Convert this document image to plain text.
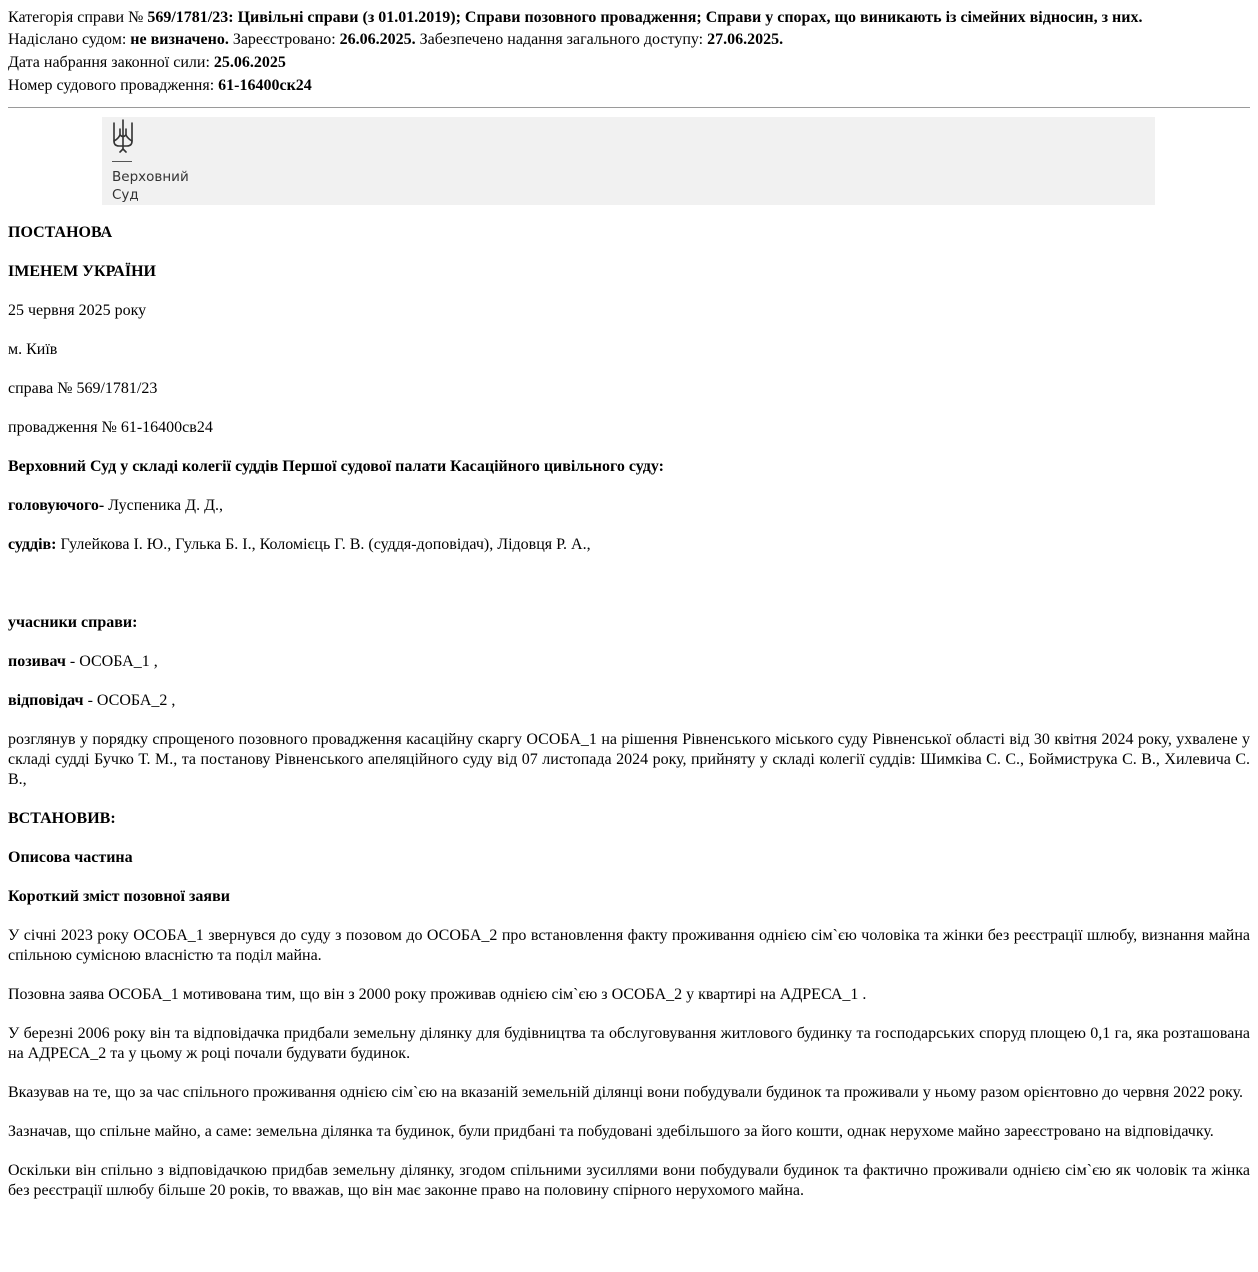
Категорія справи № 569/1781/23: Цивільні справи (з 01.01.2019); Справи позовного провадження; Справи у спорах, що виникають із сімейних відносин, з них.
Надіслано судом: не визначено. Зареєстровано: 26.06.2025. Забезпечено надання загального доступу: 27.06.2025.
Дата набрання законної сили: 25.06.2025
Номер судового провадження: 61-16400ск24
Верховний
Суд

ПОСТАНОВА

ІМЕНЕМ УКРАЇНИ

25 червня 2025 року

м. Київ

справа № 569/1781/23

провадження № 61-16400св24

Верховний Суд у складі колегії суддів Першої судової палати Касаційного цивільного суду:

головуючого- Луспеника Д. Д.,

суддів: Гулейкова І. Ю., Гулька Б. І., Коломієць Г. В. (суддя-доповідач), Лідовця Р. А.,

учасники справи:

позивач - ОСОБА_1 ,

відповідач - ОСОБА_2 ,

розглянув у порядку спрощеного позовного провадження касаційну скаргу ОСОБА_1 на рішення Рівненського міського суду Рівненської області від 30 квітня 2024 року, ухвалене у складі судді Бучко Т. М., та постанову Рівненського апеляційного суду від 07 листопада 2024 року, прийняту у складі колегії суддів: Шимківа С. С., Боймиструка С. В., Хилевича С. В.,

ВСТАНОВИВ:

Описова частина

Короткий зміст позовної заяви

У січні 2023 року ОСОБА_1 звернувся до суду з позовом до ОСОБА_2 про встановлення факту проживання однією сім`єю чоловіка та жінки без реєстрації шлюбу, визнання майна спільною сумісною власністю та поділ майна.

Позовна заява ОСОБА_1 мотивована тим, що він з 2000 року проживав однією сім`єю з ОСОБА_2 у квартирі на АДРЕСА_1 .

У березні 2006 року він та відповідачка придбали земельну ділянку для будівництва та обслуговування житлового будинку та господарських споруд площею 0,1 га, яка розташована на АДРЕСА_2 та у цьому ж році почали будувати будинок.

Вказував на те, що за час спільного проживання однією сім`єю на вказаній земельній ділянці вони побудували будинок та проживали у ньому разом орієнтовно до червня 2022 року.

Зазначав, що спільне майно, а саме: земельна ділянка та будинок, були придбані та побудовані здебільшого за його кошти, однак нерухоме майно зареєстровано на відповідачку.

Оскільки він спільно з відповідачкою придбав земельну ділянку, згодом спільними зусиллями вони побудували будинок та фактично проживали однією сім`єю як чоловік та жінка без реєстрації шлюбу більше 20 років, то вважав, що він має законне право на половину спірного нерухомого майна.
